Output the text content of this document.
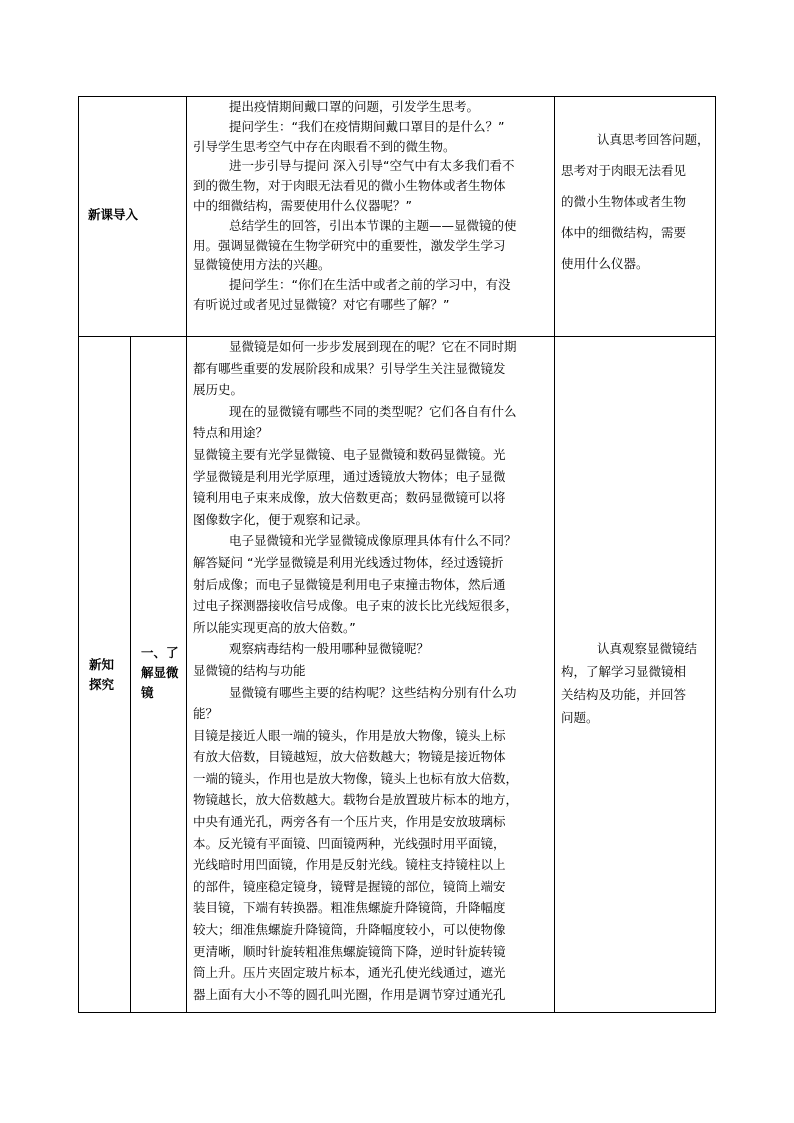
新课导入
提出疫情期间戴口罩的问题，引发学生思考。
提问学生：“我们在疫情期间戴口罩目的是什么？”
引导学生思考空气中存在肉眼看不到的微生物。
进一步引导与提问 深入引导“空气中有太多我们看不
到的微生物，对于肉眼无法看见的微小生物体或者生物体
中的细微结构，需要使用什么仪器呢？”
总结学生的回答，引出本节课的主题——显微镜的使
用。强调显微镜在生物学研究中的重要性，激发学生学习
显微镜使用方法的兴趣。
提问学生：“你们在生活中或者之前的学习中，有没
有听说过或者见过显微镜？对它有哪些了解？”
认真思考回答问题，
思考对于肉眼无法看见
的微小生物体或者生物
体中的细微结构，需要
使用什么仪器。
新知
探究
一、了
解显微
镜
显微镜是如何一步步发展到现在的呢？它在不同时期
都有哪些重要的发展阶段和成果？引导学生关注显微镜发
展历史。
现在的显微镜有哪些不同的类型呢？它们各自有什么
特点和用途？
显微镜主要有光学显微镜、电子显微镜和数码显微镜。光
学显微镜是利用光学原理，通过透镜放大物体；电子显微
镜利用电子束来成像，放大倍数更高；数码显微镜可以将
图像数字化，便于观察和记录。
电子显微镜和光学显微镜成像原理具体有什么不同？
解答疑问 “光学显微镜是利用光线透过物体，经过透镜折
射后成像；而电子显微镜是利用电子束撞击物体，然后通
过电子探测器接收信号成像。电子束的波长比光线短很多，
所以能实现更高的放大倍数。”
观察病毒结构一般用哪种显微镜呢？
显微镜的结构与功能
显微镜有哪些主要的结构呢？这些结构分别有什么功
能？
目镜是接近人眼一端的镜头，作用是放大物像，镜头上标
有放大倍数，目镜越短，放大倍数越大；物镜是接近物体
一端的镜头，作用也是放大物像，镜头上也标有放大倍数，
物镜越长，放大倍数越大。载物台是放置玻片标本的地方，
中央有通光孔，两旁各有一个压片夹，作用是安放玻璃标
本。反光镜有平面镜、凹面镜两种，光线强时用平面镜，
光线暗时用凹面镜，作用是反射光线。镜柱支持镜柱以上
的部件，镜座稳定镜身，镜臂是握镜的部位，镜筒上端安
装目镜，下端有转换器。粗准焦螺旋升降镜筒，升降幅度
较大；细准焦螺旋升降镜筒，升降幅度较小，可以使物像
更清晰，顺时针旋转粗准焦螺旋镜筒下降，逆时针旋转镜
筒上升。压片夹固定玻片标本，通光孔使光线通过，遮光
器上面有大小不等的圆孔叫光圈，作用是调节穿过通光孔
认真观察显微镜结
构，了解学习显微镜相
关结构及功能，并回答
问题。
